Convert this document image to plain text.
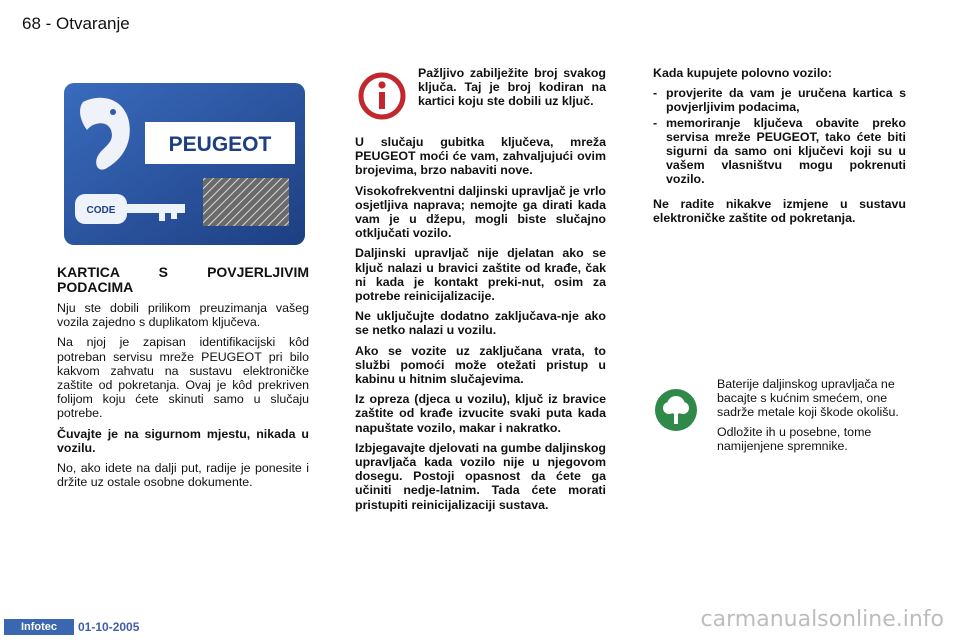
68 - Otvaranje
PEUGEOT
CODE

KARTICA S POVJERLJIVIM PODACIMA

Nju ste dobili prilikom preuzimanja vašeg vozila zajedno s duplikatom ključeva.

Na njoj je zapisan identifikacijski kôd potreban servisu mreže PEUGEOT pri bilo kakvom zahvatu na sustavu elektroničke zaštite od pokretanja. Ovaj je kôd prekriven folijom koju ćete skinuti samo u slučaju potrebe.

Čuvajte je na sigurnom mjestu, nikada u vozilu.

No, ako idete na dalji put, radije je ponesite i držite uz ostale osobne dokumente.

Pažljivo zabilježite broj svakog ključa. Taj je broj kodiran na kartici koju ste dobili uz ključ.

U slučaju gubitka ključeva, mreža PEUGEOT moći će vam, zahvaljujući ovim brojevima, brzo nabaviti nove.

Visokofrekventni daljinski upravljač je vrlo osjetljiva naprava; nemojte ga dirati kada vam je u džepu, mogli biste slučajno otključati vozilo.

Daljinski upravljač nije djelatan ako se ključ nalazi u bravici zaštite od krađe, čak ni kada je kontakt preki-nut, osim za potrebe reinicijalizacije.

Ne uključujte dodatno zaključava-nje ako se netko nalazi u vozilu.

Ako se vozite uz zaključana vrata, to službi pomoći može otežati pristup u kabinu u hitnim slučajevima.

Iz opreza (djeca u vozilu), ključ iz bravice zaštite od krađe izvucite svaki puta kada napuštate vozilo, makar i nakratko.

Izbjegavajte djelovati na gumbe daljinskog upravljača kada vozilo nije u njegovom dosegu. Postoji opasnost da ćete ga učiniti nedje-latnim. Tada ćete morati pristupiti reinicijalizaciji sustava.

Kada kupujete polovno vozilo:

- provjerite da vam je uručena kartica s povjerljivim podacima,
- memoriranje ključeva obavite preko servisa mreže PEUGEOT, tako ćete biti sigurni da samo oni ključevi koji su u vašem vlasništvu mogu pokrenuti vozilo.

Ne radite nikakve izmjene u sustavu elektroničke zaštite od pokretanja.

Baterije daljinskog upravljača ne bacajte s kućnim smećem, one sadrže metale koji škode okolišu.

Odložite ih u posebne, tome namijenjene spremnike.

Infotec	01-10-2005	carmanualsonline.info
